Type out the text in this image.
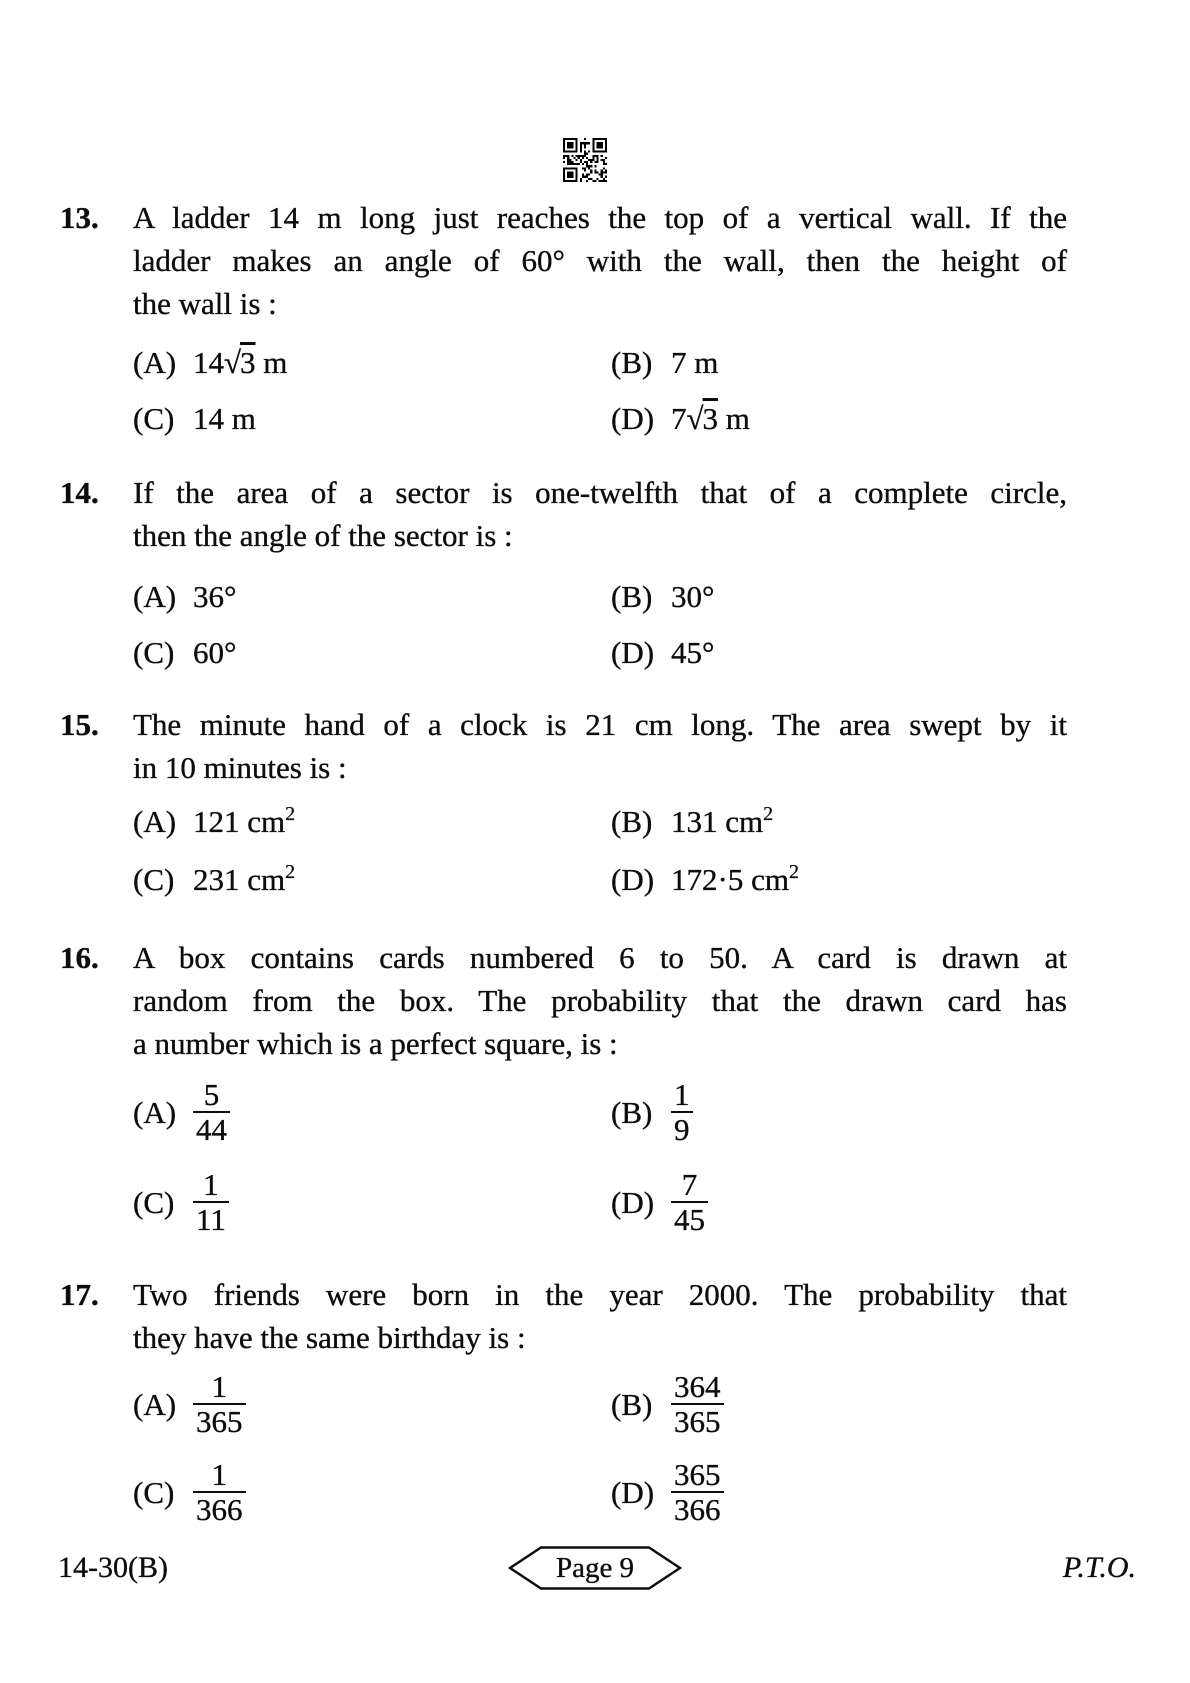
13. A ladder 14 m long just reaches the top of a vertical wall. If the
ladder makes an angle of 60° with the wall, then the height of
the wall is :
(A) 14√3 m	(B) 7 m
(C) 14 m	(D) 7√3 m
14. If the area of a sector is one-twelfth that of a complete circle,
then the angle of the sector is :
(A) 36°	(B) 30°
(C) 60°	(D) 45°
15. The minute hand of a clock is 21 cm long. The area swept by it
in 10 minutes is :
(A) 121 $cm^2$	(B) 131 $cm^2$
(C) 231 $cm^2$	(D) 172·5 $cm^2$
16. A box contains cards numbered 6 to 50. A card is drawn at
random from the box. The probability that the drawn card has
a number which is a perfect square, is :
$(A) \frac{5}{44}$	$(B) \frac{1}{9}$
$(C) \frac{1}{11}$	$(D) \frac{7}{45}$
17. Two friends were born in the year 2000. The probability that
they have the same birthday is :
$(A) \frac{1}{365}$	$(B) \frac{364}{365}$
$(C) \frac{1}{366}$	$(D) \frac{365}{366}$
14-30(B)	Page 9	P.T.O.
